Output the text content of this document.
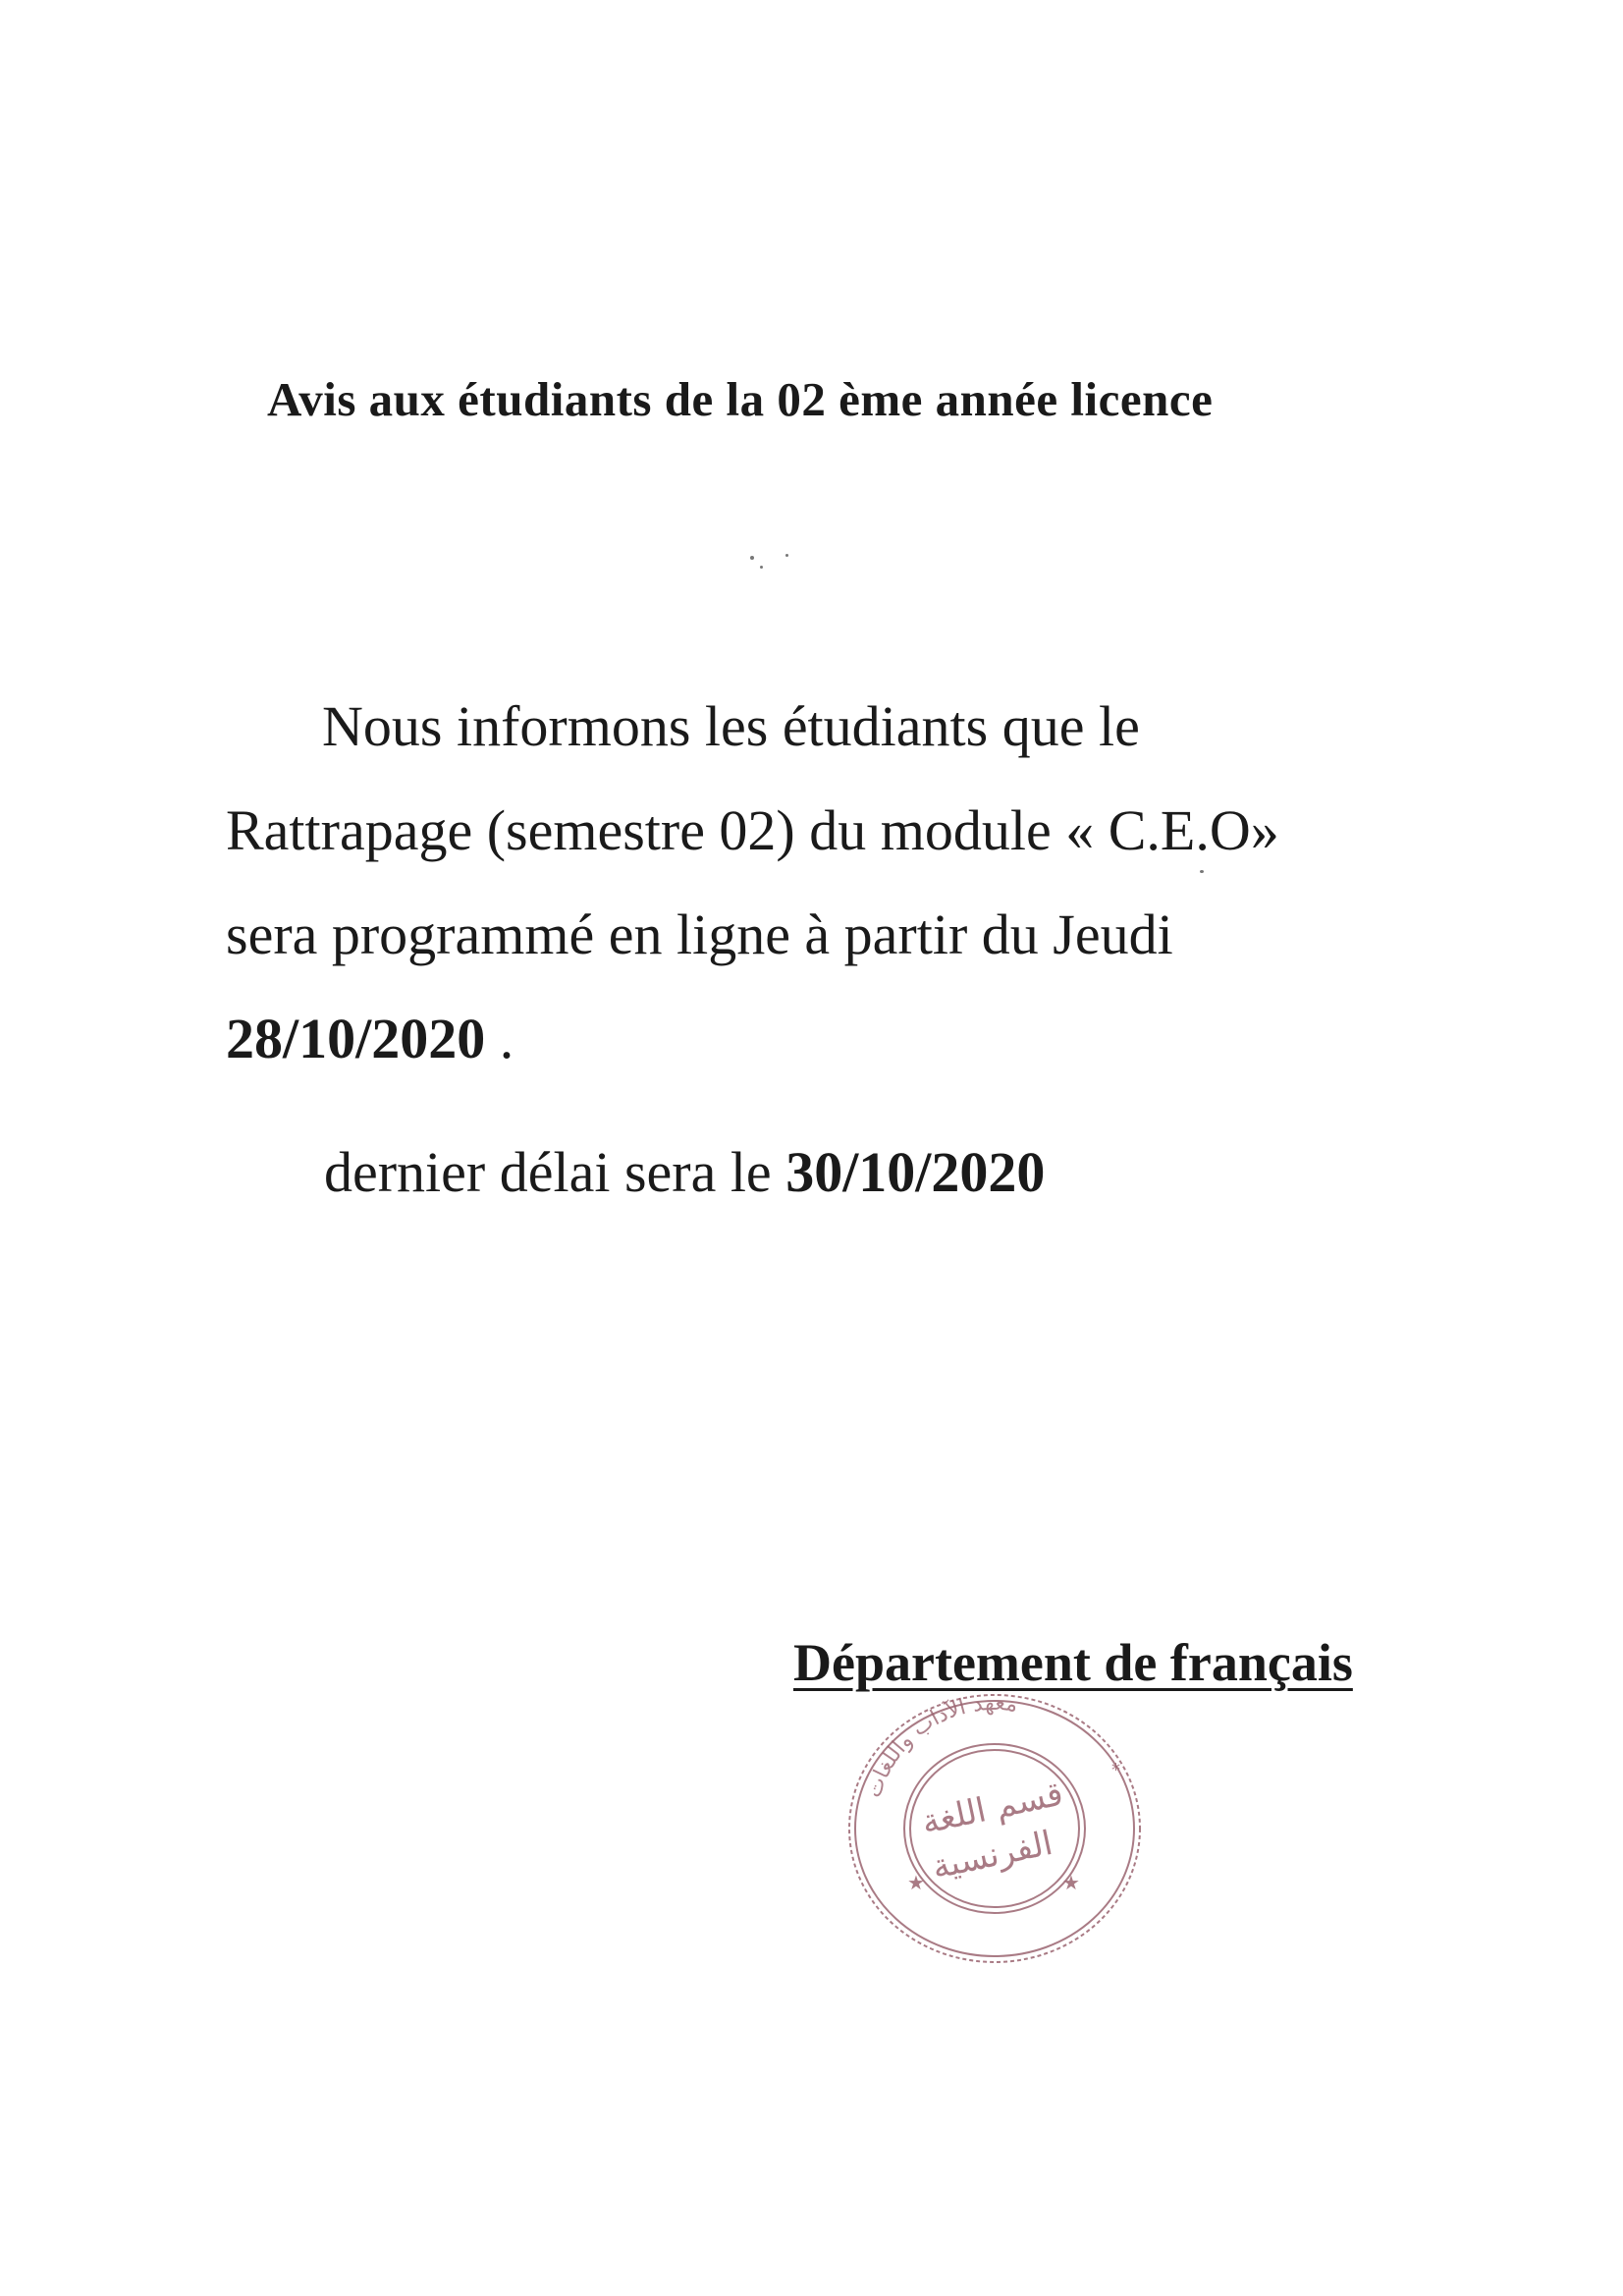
Avis aux étudiants de la 02 ème année licence
Nous informons les étudiants que le
Rattrapage (semestre 02) du module « C.E.O»
sera programmé en ligne à partir du Jeudi
28/10/2020 .
dernier délai sera le 30/10/2020
★	★
*
معهد الآداب واللغات
قسم اللغة
الفرنسية
Département de français
